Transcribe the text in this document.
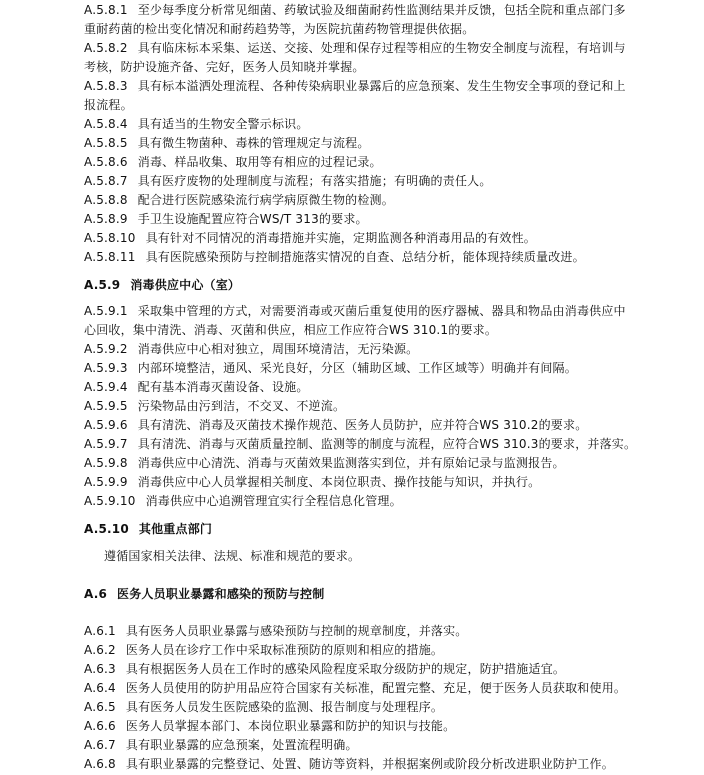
A.5.8.1 至少每季度分析常见细菌、药敏试验及细菌耐药性监测结果并反馈，包括全院和重点部门多
重耐药菌的检出变化情况和耐药趋势等，为医院抗菌药物管理提供依据。
A.5.8.2 具有临床标本采集、运送、交接、处理和保存过程等相应的生物安全制度与流程，有培训与
考核，防护设施齐备、完好，医务人员知晓并掌握。
A.5.8.3 具有标本溢洒处理流程、各种传染病职业暴露后的应急预案、发生生物安全事项的登记和上
报流程。
A.5.8.4 具有适当的生物安全警示标识。
A.5.8.5 具有微生物菌种、毒株的管理规定与流程。
A.5.8.6 消毒、样品收集、取用等有相应的过程记录。
A.5.8.7 具有医疗废物的处理制度与流程；有落实措施；有明确的责任人。
A.5.8.8 配合进行医院感染流行病学病原微生物的检测。
A.5.8.9 手卫生设施配置应符合WS/T 313的要求。
A.5.8.10 具有针对不同情况的消毒措施并实施，定期监测各种消毒用品的有效性。
A.5.8.11 具有医院感染预防与控制措施落实情况的自查、总结分析，能体现持续质量改进。
A.5.9 消毒供应中心（室）
A.5.9.1 采取集中管理的方式，对需要消毒或灭菌后重复使用的医疗器械、器具和物品由消毒供应中
心回收，集中清洗、消毒、灭菌和供应，相应工作应符合WS 310.1的要求。
A.5.9.2 消毒供应中心相对独立，周围环境清洁，无污染源。
A.5.9.3 内部环境整洁，通风、采光良好，分区（辅助区域、工作区域等）明确并有间隔。
A.5.9.4 配有基本消毒灭菌设备、设施。
A.5.9.5 污染物品由污到洁，不交叉、不逆流。
A.5.9.6 具有清洗、消毒及灭菌技术操作规范、医务人员防护，应并符合WS 310.2的要求。
A.5.9.7 具有清洗、消毒与灭菌质量控制、监测等的制度与流程，应符合WS 310.3的要求，并落实。
A.5.9.8 消毒供应中心清洗、消毒与灭菌效果监测落实到位，并有原始记录与监测报告。
A.5.9.9 消毒供应中心人员掌握相关制度、本岗位职责、操作技能与知识，并执行。
A.5.9.10 消毒供应中心追溯管理宜实行全程信息化管理。
A.5.10 其他重点部门
遵循国家相关法律、法规、标准和规范的要求。
A.6 医务人员职业暴露和感染的预防与控制
A.6.1 具有医务人员职业暴露与感染预防与控制的规章制度，并落实。
A.6.2 医务人员在诊疗工作中采取标准预防的原则和相应的措施。
A.6.3 具有根据医务人员在工作时的感染风险程度采取分级防护的规定，防护措施适宜。
A.6.4 医务人员使用的防护用品应符合国家有关标准，配置完整、充足，便于医务人员获取和使用。
A.6.5 具有医务人员发生医院感染的监测、报告制度与处理程序。
A.6.6 医务人员掌握本部门、本岗位职业暴露和防护的知识与技能。
A.6.7 具有职业暴露的应急预案，处置流程明确。
A.6.8 具有职业暴露的完整登记、处置、随访等资料，并根据案例或阶段分析改进职业防护工作。
